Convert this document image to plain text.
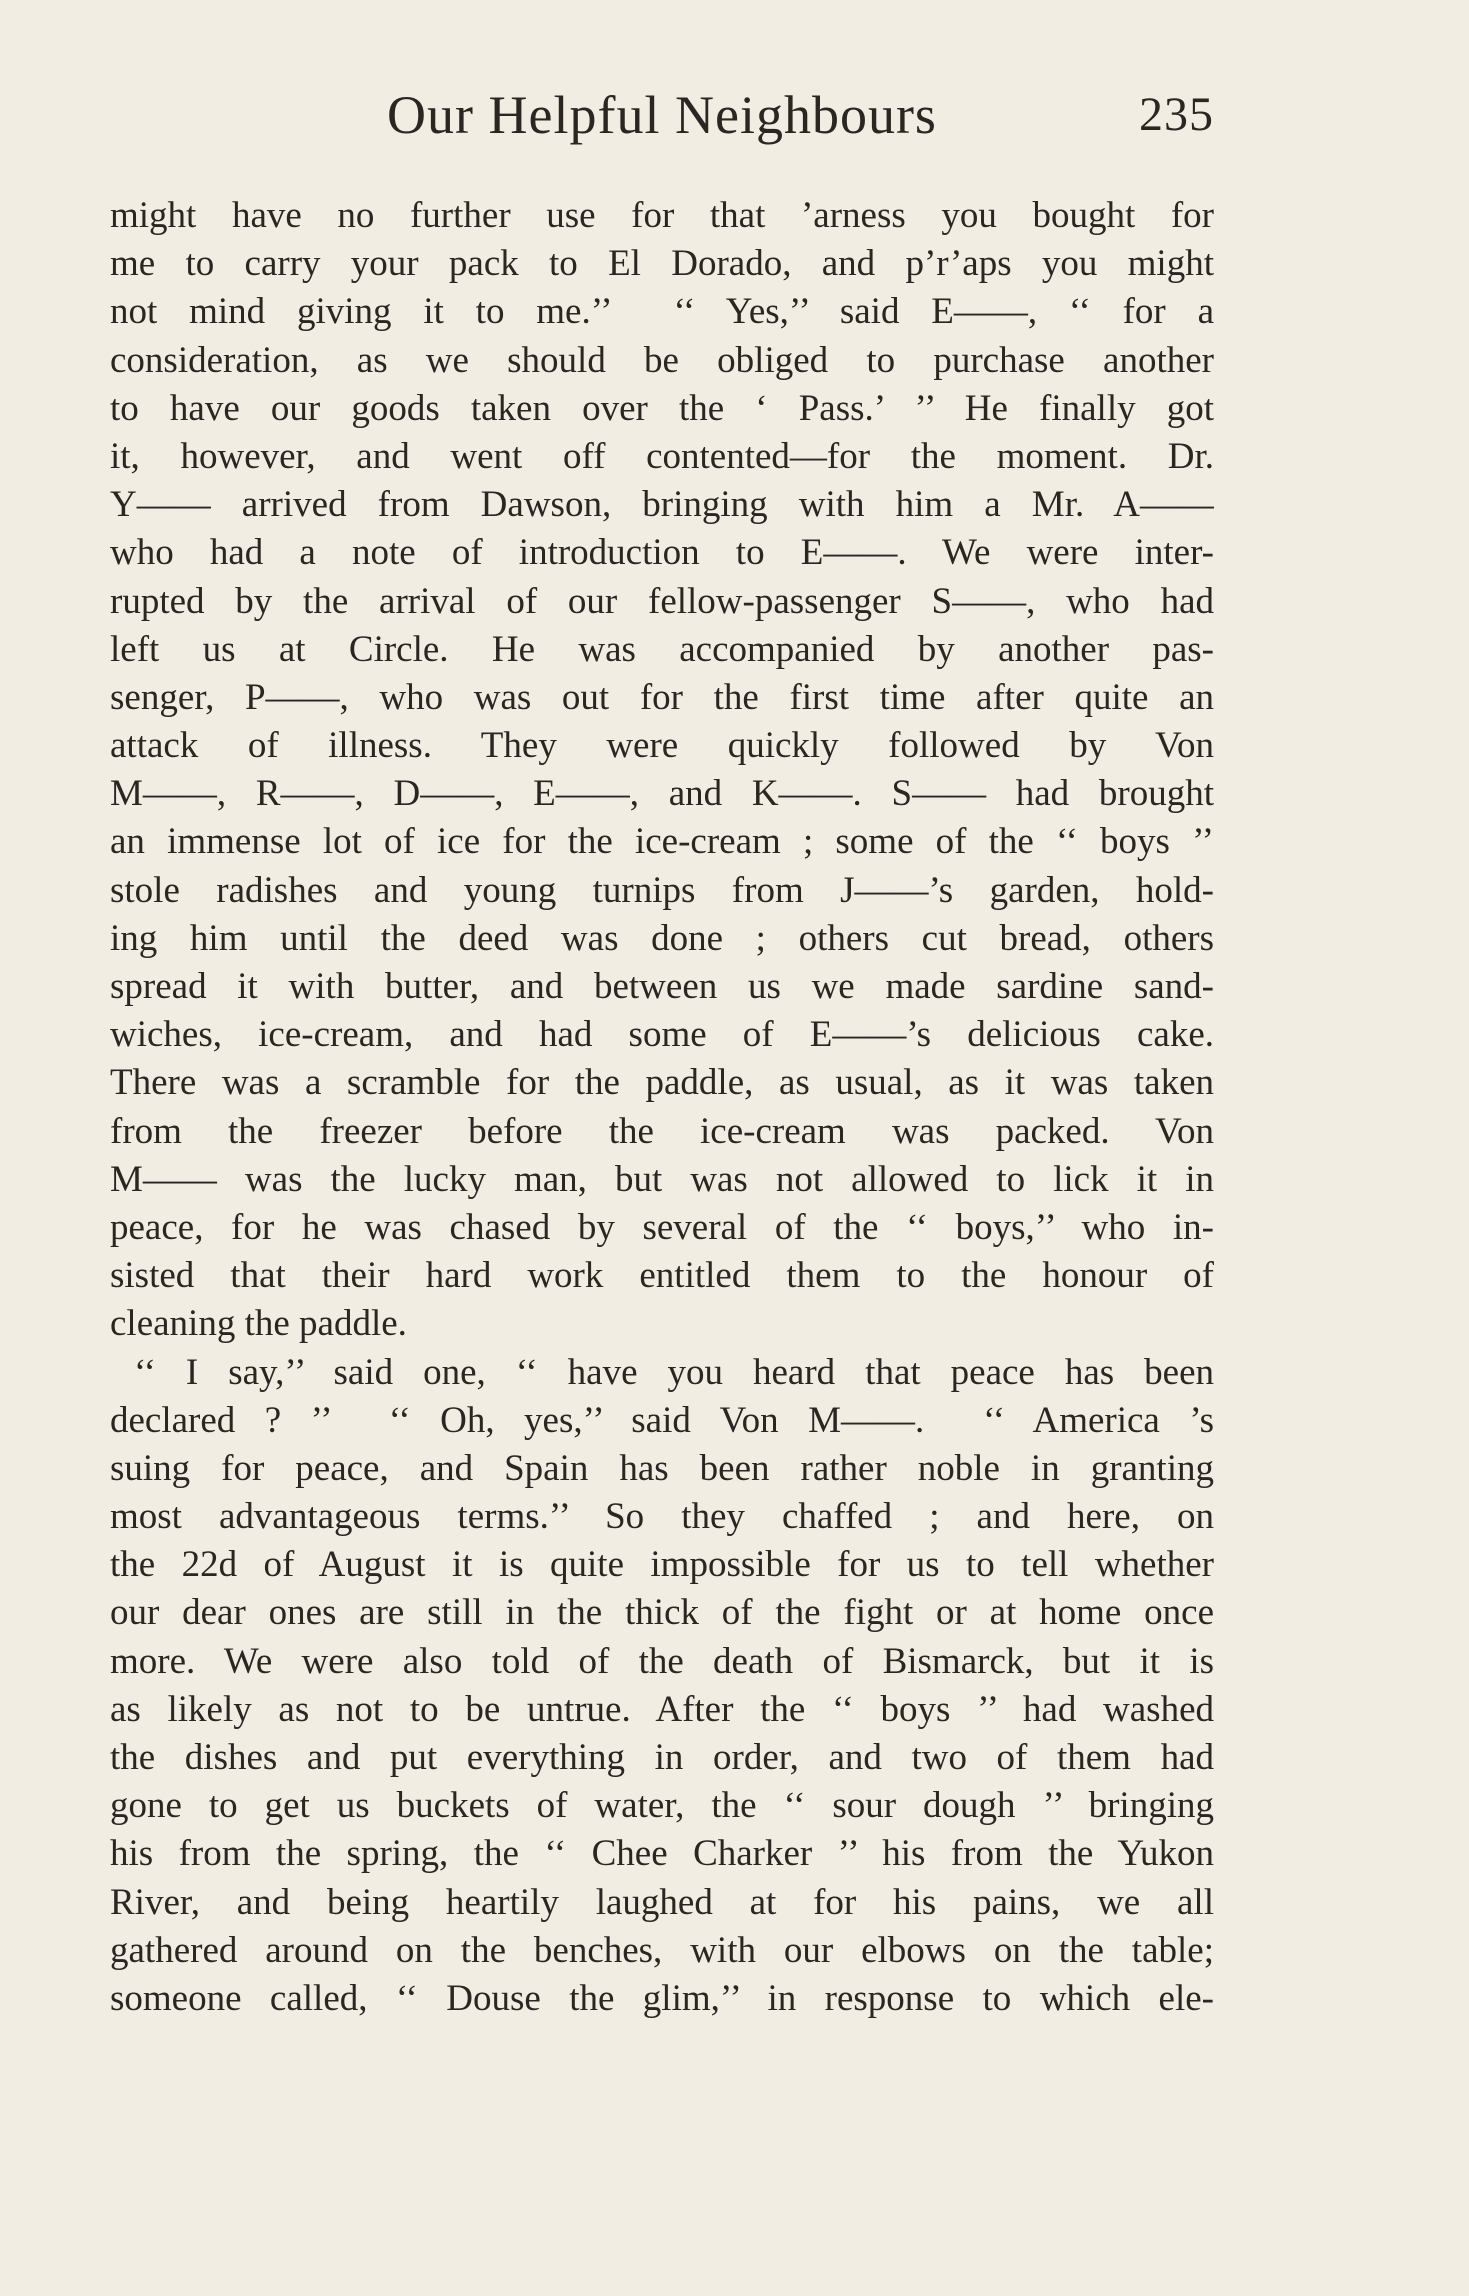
Our Helpful Neighbours	235
might have no further use for that ’arness you bought for
me to carry your pack to El Dorado, and p’r’aps you might
not mind giving it to me.’’  ‘‘ Yes,’’ said E——, ‘‘ for a
consideration, as we should be obliged to purchase another
to have our goods taken over the ‘ Pass.’ ’’ He finally got
it, however, and went off contented—for the moment. Dr.
Y—— arrived from Dawson, bringing with him a Mr. A——
who had a note of introduction to E——. We were inter-
rupted by the arrival of our fellow-passenger S——, who had
left us at Circle. He was accompanied by another pas-
senger, P——, who was out for the first time after quite an
attack of illness. They were quickly followed by Von
M——, R——, D——, E——, and K——. S—— had brought
an immense lot of ice for the ice-cream ; some of the ‘‘ boys ’’
stole radishes and young turnips from J——’s garden, hold-
ing him until the deed was done ; others cut bread, others
spread it with butter, and between us we made sardine sand-
wiches, ice-cream, and had some of E——’s delicious cake.
There was a scramble for the paddle, as usual, as it was taken
from the freezer before the ice-cream was packed. Von
M—— was the lucky man, but was not allowed to lick it in
peace, for he was chased by several of the ‘‘ boys,’’ who in-
sisted that their hard work entitled them to the honour of
cleaning the paddle.
‘‘ I say,’’ said one, ‘‘ have you heard that peace has been
declared ? ’’  ‘‘ Oh, yes,’’ said Von M——.  ‘‘ America ’s
suing for peace, and Spain has been rather noble in granting
most advantageous terms.’’ So they chaffed ; and here, on
the 22d of August it is quite impossible for us to tell whether
our dear ones are still in the thick of the fight or at home once
more. We were also told of the death of Bismarck, but it is
as likely as not to be untrue. After the ‘‘ boys ’’ had washed
the dishes and put everything in order, and two of them had
gone to get us buckets of water, the ‘‘ sour dough ’’ bringing
his from the spring, the ‘‘ Chee Charker ’’ his from the Yukon
River, and being heartily laughed at for his pains, we all
gathered around on the benches, with our elbows on the table;
someone called, ‘‘ Douse the glim,’’ in response to which ele-
